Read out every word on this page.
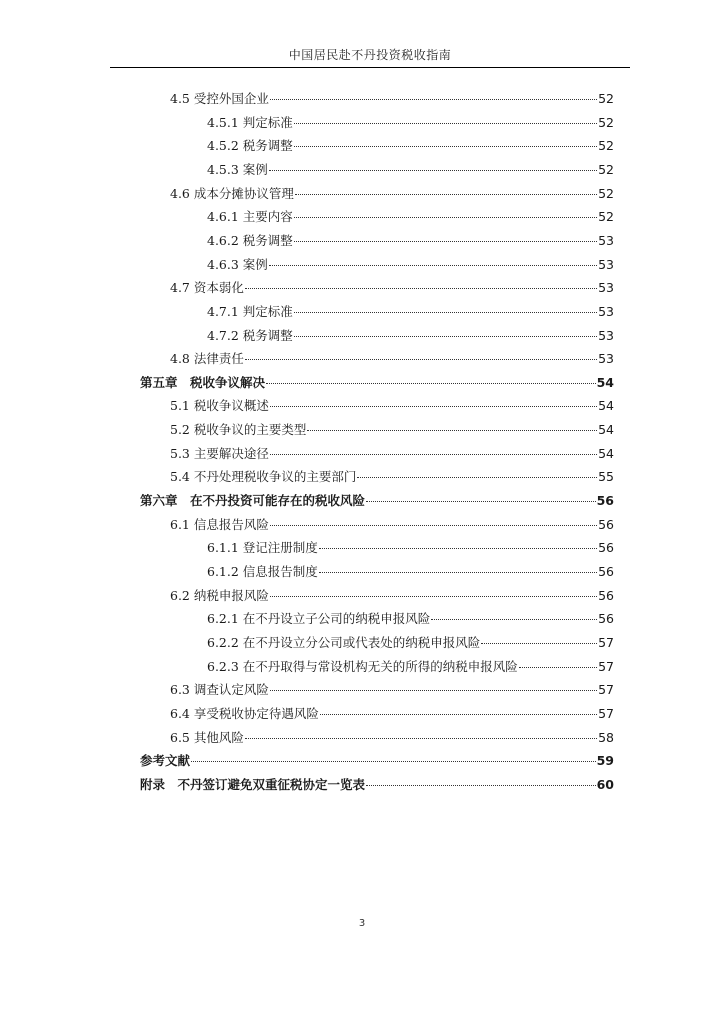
中国居民赴不丹投资税收指南
4.5 受控外国企业	52
4.5.1 判定标准	52
4.5.2 税务调整	52
4.5.3 案例	52
4.6 成本分摊协议管理	52
4.6.1 主要内容	52
4.6.2 税务调整	53
4.6.3 案例	53
4.7 资本弱化	53
4.7.1 判定标准	53
4.7.2 税务调整	53
4.8 法律责任	53
第五章　税收争议解决	54
5.1 税收争议概述	54
5.2 税收争议的主要类型	54
5.3 主要解决途径	54
5.4 不丹处理税收争议的主要部门	55
第六章　在不丹投资可能存在的税收风险	56
6.1 信息报告风险	56
6.1.1 登记注册制度	56
6.1.2 信息报告制度	56
6.2 纳税申报风险	56
6.2.1 在不丹设立子公司的纳税申报风险	56
6.2.2 在不丹设立分公司或代表处的纳税申报风险	57
6.2.3 在不丹取得与常设机构无关的所得的纳税申报风险	57
6.3 调查认定风险	57
6.4 享受税收协定待遇风险	57
6.5 其他风险	58
参考文献	59
附录　不丹签订避免双重征税协定一览表	60
3
